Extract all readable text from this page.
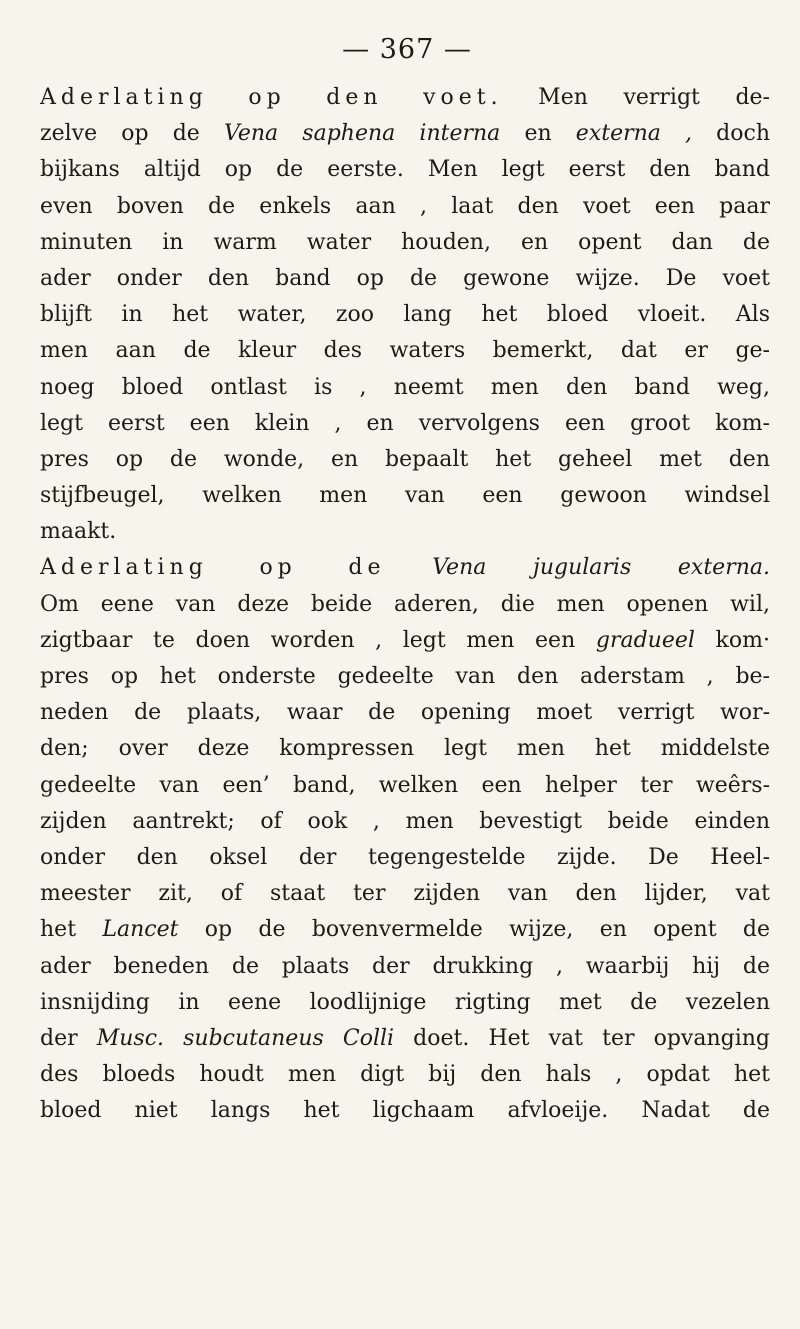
— 367 —
Aderlating op den voet. Men verrigt de-
zelve op de Vena saphena interna en externa , doch
bijkans altijd op de eerste. Men legt eerst den band
even boven de enkels aan , laat den voet een paar
minuten in warm water houden, en opent dan de
ader onder den band op de gewone wijze. De voet
blijft in het water, zoo lang het bloed vloeit. Als
men aan de kleur des waters bemerkt, dat er ge-
noeg bloed ontlast is , neemt men den band weg,
legt eerst een klein , en vervolgens een groot kom-
pres op de wonde, en bepaalt het geheel met den
stijfbeugel, welken men van een gewoon windsel
maakt.
Aderlating op de Vena jugularis externa.
Om eene van deze beide aderen, die men openen wil,
zigtbaar te doen worden , legt men een gradueel kom·
pres op het onderste gedeelte van den aderstam , be-
neden de plaats, waar de opening moet verrigt wor-
den; over deze kompressen legt men het middelste
gedeelte van een’ band, welken een helper ter weêrs-
zijden aantrekt; of ook , men bevestigt beide einden
onder den oksel der tegengestelde zijde. De Heel-
meester zit, of staat ter zijden van den lijder, vat
het Lancet op de bovenvermelde wijze, en opent de
ader beneden de plaats der drukking , waarbij hij de
insnijding in eene loodlijnige rigting met de vezelen
der Musc. subcutaneus Colli doet. Het vat ter opvanging
des bloeds houdt men digt bij den hals , opdat het
bloed niet langs het ligchaam afvloeije. Nadat de
